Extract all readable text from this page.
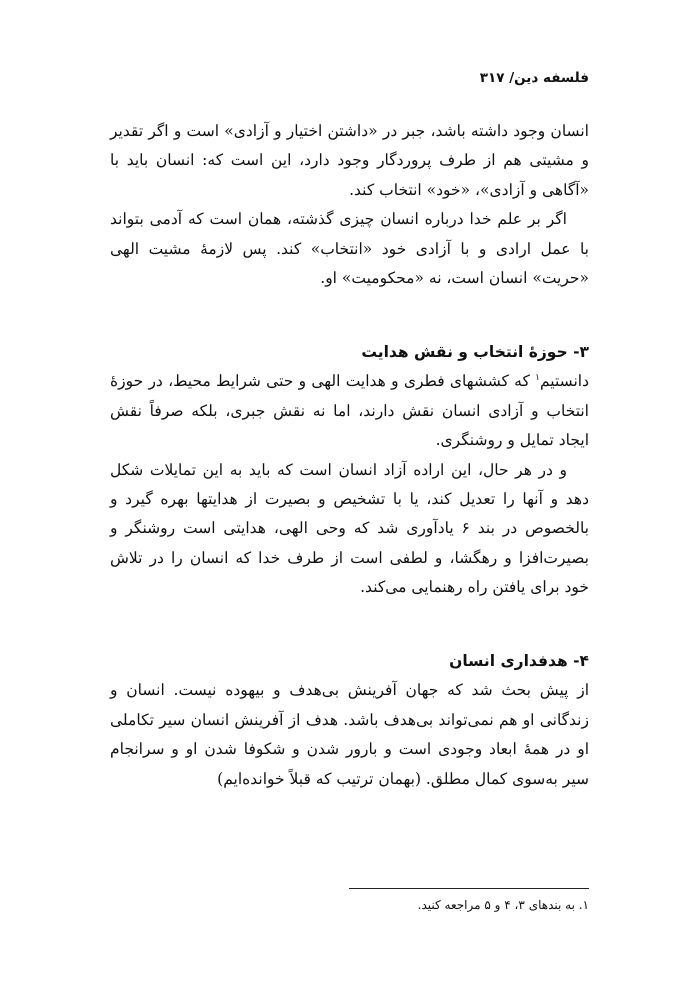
فلسفه دین/ ۳۱۷

انسان وجود داشته باشد، جبر در «داشتن اختیار و آزادی» است و اگر تقدیر و مشیتی هم از طرف پروردگار وجود دارد، این است که: انسان باید با «آگاهی و آزادی»، «خود» انتخاب کند.

اگر بر علم خدا درباره انسان چیزی گذشته، همان است که آدمی بتواند با عمل ارادی و با آزادی خود «انتخاب» کند. پس لازمهٔ مشیت الهی «حریت» انسان است، نه «محکومیت» او.

۳- حوزهٔ انتخاب و نقش هدایت

دانستیم$^۱$ که کششهای فطری و هدایت الهی و حتی شرایط محیط، در حوزهٔ انتخاب و آزادی انسان نقش دارند، اما نه نقش جبری، بلکه صرفاً نقش ایجاد تمایل و روشنگری.

و در هر حال، این اراده آزاد انسان است که باید به این تمایلات شکل دهد و آنها را تعدیل کند، یا با تشخیص و بصیرت از هدایتها بهره گیرد و بالخصوص در بند ۶ یادآوری شد که وحی الهی، هدایتی است روشنگر و بصیرت‌افزا و رهگشا، و لطفی است از طرف خدا که انسان را در تلاش خود برای یافتن راه رهنمایی می‌کند.

۴- هدفداری انسان

از پیش بحث شد که جهان آفرینش بی‌هدف و بیهوده نیست. انسان و زندگانی او هم نمی‌تواند بی‌هدف باشد. هدف از آفرینش انسان سیر تکاملی او در همهٔ ابعاد وجودی است و بارور شدن و شکوفا شدن او و سرانجام سیر به‌سوی کمال مطلق. (بهمان ترتیب که قبلاً خوانده‌ایم)

۱. به بندهای ۳، ۴ و ۵ مراجعه کنید.
